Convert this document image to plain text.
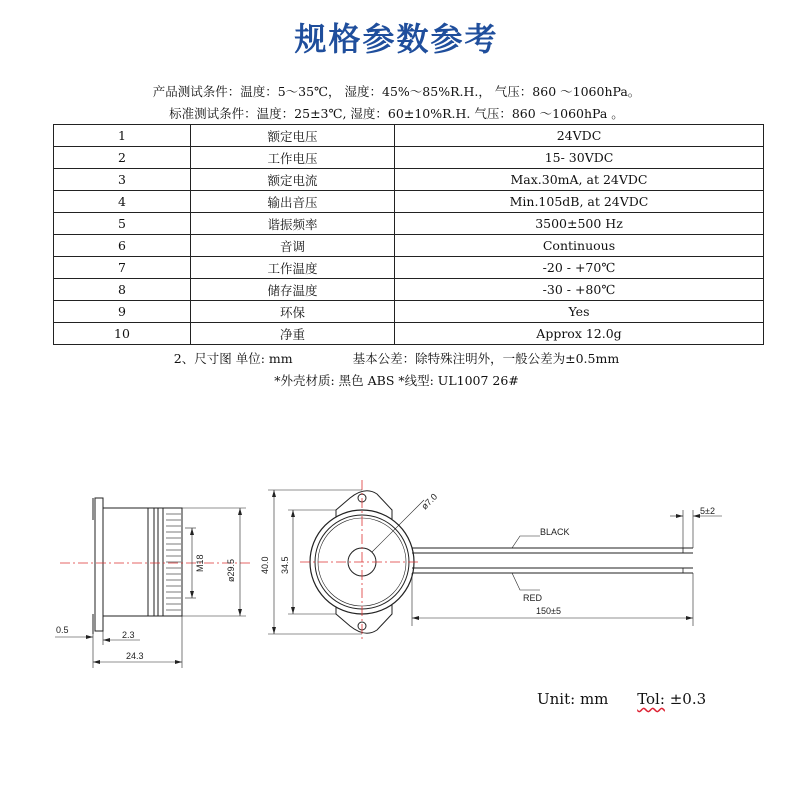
规格参数参考
产品测试条件：温度：5～35℃， 湿度：45%～85%R.H.， 气压：860 ～1060hPa。
标准测试条件：温度：25±3℃, 湿度：60±10%R.H. 气压：860 ～1060hPa 。
1	额定电压	24VDC
2	工作电压	15- 30VDC
3	额定电流	Max.30mA, at 24VDC
4	输出音压	Min.105dB, at 24VDC
5	谐振频率	3500±500 Hz
6	音调	Continuous
7	工作温度	-20 - +70℃
8	储存温度	-30 - +80℃
9	环保	Yes
10	净重	Approx 12.0g
2、尺寸图 单位: mm	基本公差：除特殊注明外，一般公差为±0.5mm
*外壳材质: 黑色 ABS *线型: UL1007 26#
0.5	2.3
24.3
M18 ø29.5	40.0 34.5
ø7.0
BLACK
RED
5±2
150±5
Unit: mm Tol: ±0.3
